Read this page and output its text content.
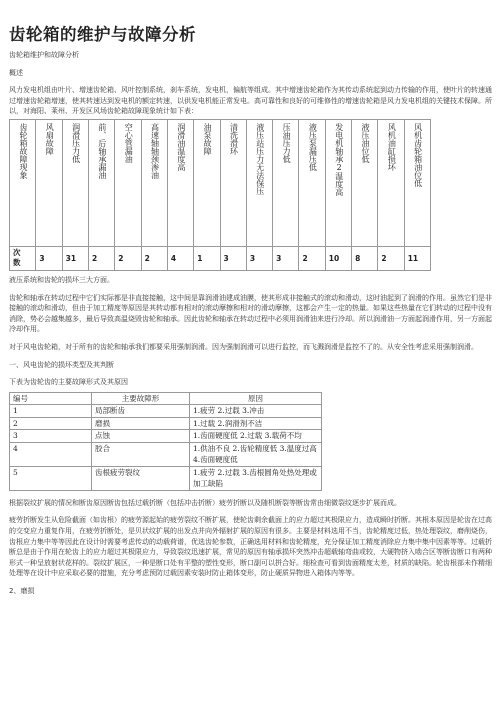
齿轮箱的维护与故障分析
齿轮箱维护和故障分析
概述
风力发电机组由叶片、增速齿轮箱、风叶控制系统，刹车系统，发电机，偏航等组成。其中增速齿轮箱作为其传动系统起到动力传输的作用，使叶片的转速通过增速齿轮箱增速，使其转速达到发电机的额定转速，以供发电机能正常发电。高可靠性和良好的可维修性的增速齿轮箱是风力发电机组的关键技术保障。所以，对海阳、莱州、开发区风场齿轮箱故障现象统计如下表：
齿轮箱故障现象	风扇故障	润滑压力低	前、后轴承漏油	空心管漏油	高速轴轴颈渗油	润滑油温度高	油泵故障	清洗滑环	液压站压力无法保压	压油压力低	液压泵漏压低	发电机轴承2温度高	液压油位低	风机油缸损坏	风机齿轮箱油位低

次数	3	31	2	2	2	4	1	3	3	3	2	10	8	2	11
液压系统和齿轮的损坏三大方面。
齿轮和轴承在转动过程中它们实际都是非直接接触，这中间是靠润滑油建成油膜，使其形成非接触式的滚动和滑动，这时油起到了润滑的作用。虽然它们是非接触的滚动和滑动，但由于加工精度等原因是其转动都有相对的滚动摩擦和相对的滑动摩擦，这都会产生一定的热量。如果这些热量在它们转动的过程中没有消除，势必会越集越多，最后导致高温烧毁齿轮和轴承。因此齿轮和轴承在转动过程中必须用润滑油来进行冷却。所以润滑油一方面起润滑作用，另一方面起冷却作用。
对于风电齿轮箱，对于所有的齿轮和轴承我们都要采用强制润滑。因为强制润滑可以进行监控，而飞溅润滑是监控不了的。从安全性考虑采用强制润滑。
一、风电齿轮的损坏类型及其判断
下表为齿轮齿的主要故障形式及其原因
编号	主要故障形	原因
1	局部断齿	1.疲劳 2.过载 3.冲击
2	磨损	1.过载 2.润滑剂不洁
3	点蚀	1.齿面硬度低 2.过载 3.载荷不均
4	胶合	1.供油不良 2.齿轮精度低 3.温度过高 4.齿面硬度低
5	齿根疲劳裂纹	1.疲劳 2.过载 3.齿根圆角处热处理或加工缺陷
根据裂纹扩展的情况和断齿原因断齿包括过载折断（包括冲击折断）疲劳折断以及随机断裂等断齿常由细微裂纹逐步扩展而成。
疲劳折断发生从危险截面（如齿根）的疲劳源起始的疲劳裂纹不断扩展，使轮齿剩余截面上的应力超过其极限应力，造成瞬时折断。其根本原因是轮齿在过高的交变应力重复作用，在疲劳折断处，是贝状纹扩展的出发点并向外辐射扩展的原因有很多。主要是材料选用不当，齿轮精度过低，热处理裂纹，磨削烧伤，齿根应力集中等等因此在设计时需要考虑传动的动载荷谱，优选齿轮参数，正确选用材料和齿轮精度，充分保证加工精度消除应力集中集中因素等等。过载折断总是由于作用在轮齿上的应力超过其极限应力，导致裂纹迅速扩展，常见的原因有轴承损坏突然冲击超载轴弯曲或较，大硬物挤入啮合区等断齿断口有两种形式一种呈放射状花样的。裂纹扩展区，一种是断口处有平整的塑性变形，断口副可以拼合好。细检查可看到齿面精度太差，材质的缺陷。轮齿根部未作精细处理等在设计中应采取必要的措施，充分考虑预防过载因素安装时防止箱体变形，防止硬质异物进入箱体内等等。
2、磨损
